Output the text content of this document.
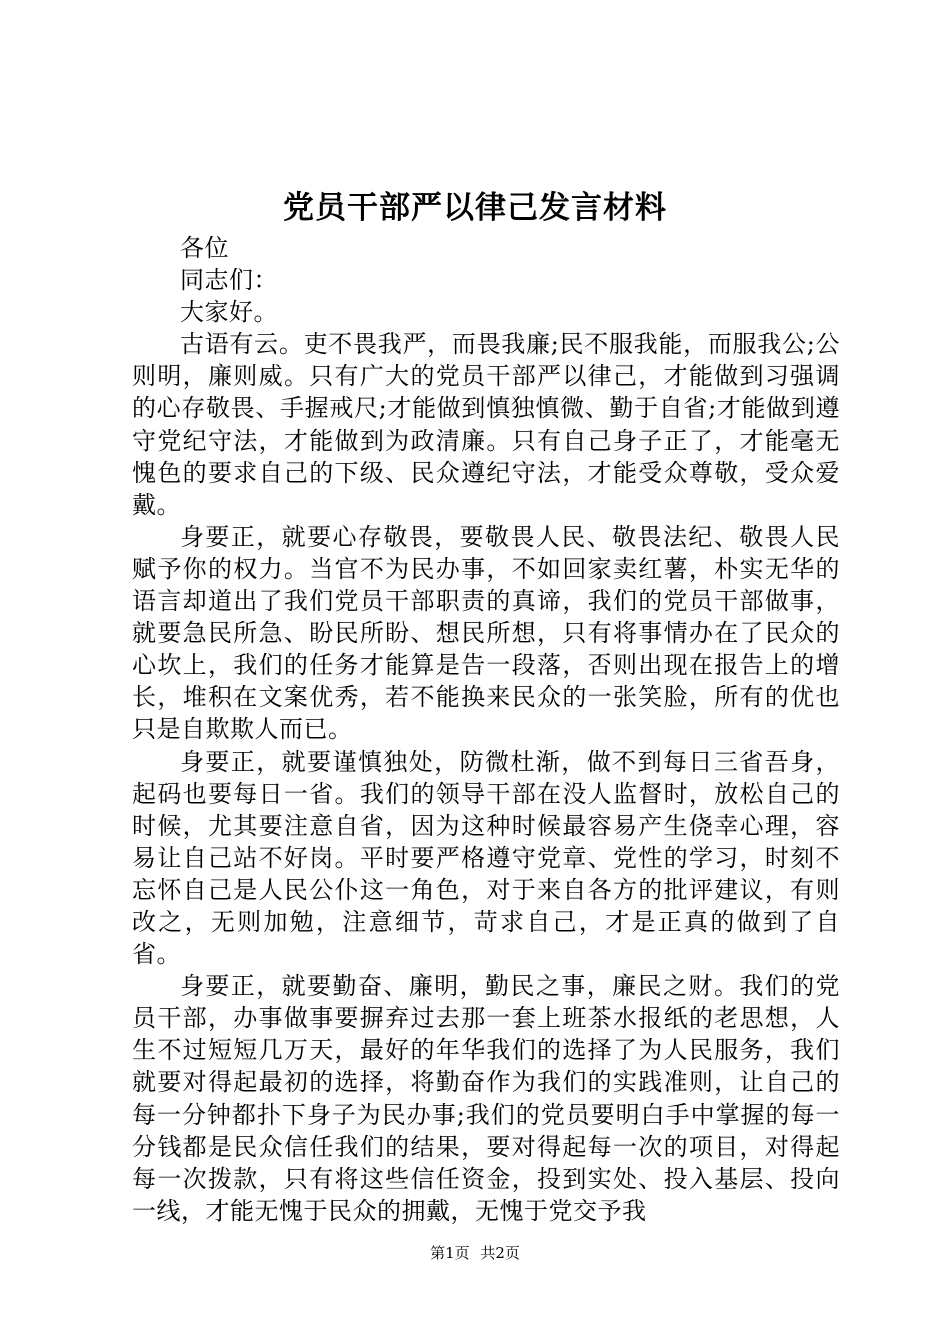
党员干部严以律己发言材料

各位

同志们：

大家好。

古语有云。吏不畏我严，而畏我廉;民不服我能，而服我公;公则明，廉则威。只有广大的党员干部严以律己，才能做到习强调的心存敬畏、手握戒尺;才能做到慎独慎微、勤于自省;才能做到遵守党纪守法，才能做到为政清廉。只有自己身子正了，才能毫无愧色的要求自己的下级、民众遵纪守法，才能受众尊敬，受众爱戴。

身要正，就要心存敬畏，要敬畏人民、敬畏法纪、敬畏人民赋予你的权力。当官不为民办事，不如回家卖红薯，朴实无华的语言却道出了我们党员干部职责的真谛，我们的党员干部做事，就要急民所急、盼民所盼、想民所想，只有将事情办在了民众的心坎上，我们的任务才能算是告一段落，否则出现在报告上的增长，堆积在文案优秀，若不能换来民众的一张笑脸，所有的优也只是自欺欺人而已。

身要正，就要谨慎独处，防微杜渐，做不到每日三省吾身，起码也要每日一省。我们的领导干部在没人监督时，放松自己的时候，尤其要注意自省，因为这种时候最容易产生侥幸心理，容易让自己站不好岗。平时要严格遵守党章、党性的学习，时刻不忘怀自己是人民公仆这一角色，对于来自各方的批评建议，有则改之，无则加勉，注意细节，苛求自己，才是正真的做到了自省。

身要正，就要勤奋、廉明，勤民之事，廉民之财。我们的党员干部，办事做事要摒弃过去那一套上班茶水报纸的老思想，人生不过短短几万天，最好的年华我们的选择了为人民服务，我们就要对得起最初的选择，将勤奋作为我们的实践准则，让自己的每一分钟都扑下身子为民办事;我们的党员要明白手中掌握的每一分钱都是民众信任我们的结果，要对得起每一次的项目，对得起每一次拨款，只有将这些信任资金，投到实处、投入基层、投向一线，才能无愧于民众的拥戴，无愧于党交予我

第1页 共2页
